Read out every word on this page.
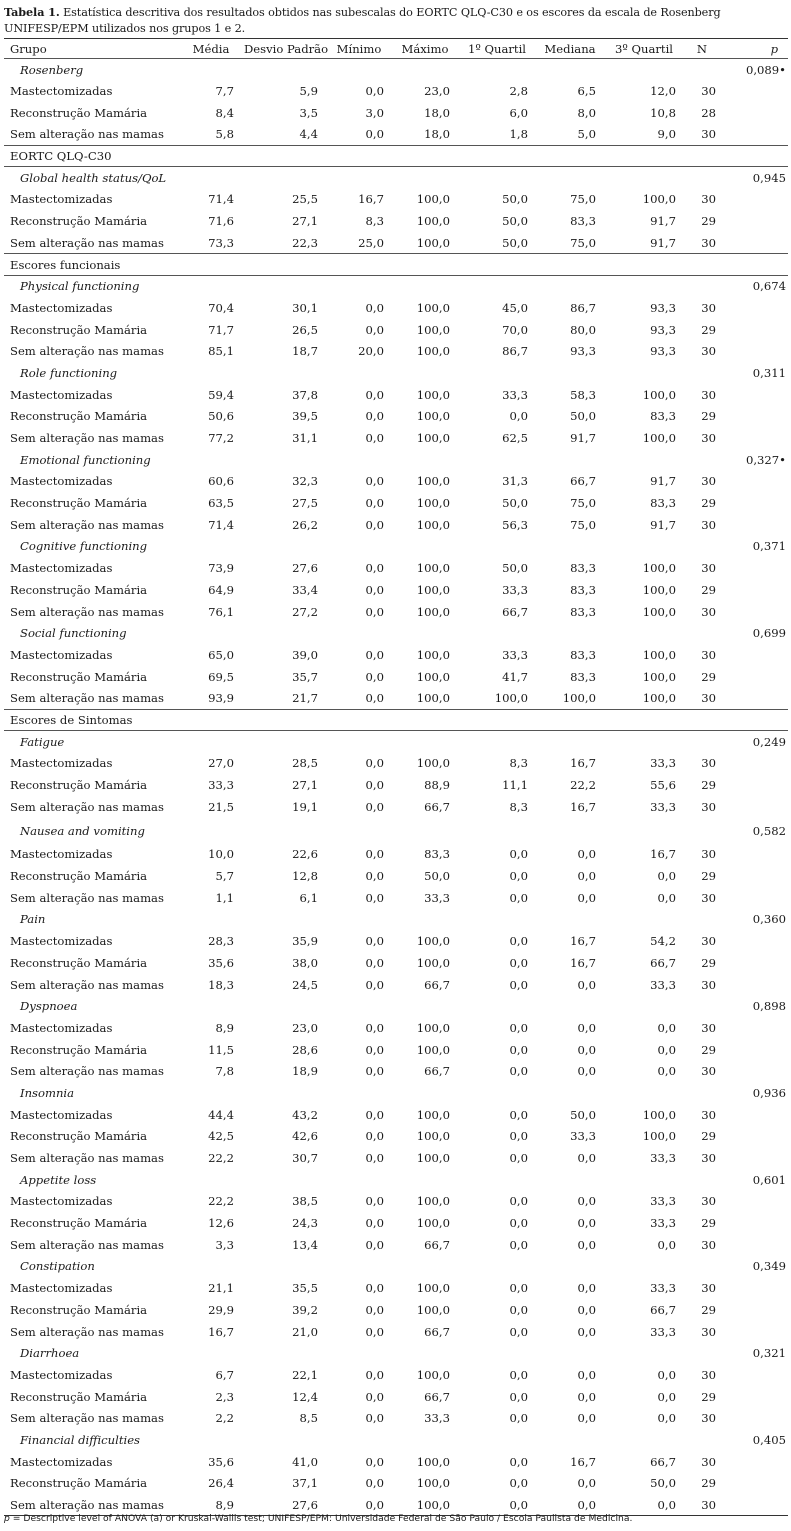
Tabela 1. Estatística descritiva dos resultados obtidos nas subescalas do EORTC QLQ-C30 e os escores da escala de Rosenberg UNIFESP/EPM utilizados nos grupos 1 e 2.
Grupo	Média	Desvio Padrão	Mínimo	Máximo	1º Quartil	Mediana	3º Quartil	N	p
Rosenberg									0,089•
Mastectomizadas	7,7	5,9	0,0	23,0	2,8	6,5	12,0	30	
Reconstrução Mamária	8,4	3,5	3,0	18,0	6,0	8,0	10,8	28	
Sem alteração nas mamas	5,8	4,4	0,0	18,0	1,8	5,0	9,0	30	
EORTC QLQ-C30									
Global health status/QoL									0,945
Mastectomizadas	71,4	25,5	16,7	100,0	50,0	75,0	100,0	30	
Reconstrução Mamária	71,6	27,1	8,3	100,0	50,0	83,3	91,7	29	
Sem alteração nas mamas	73,3	22,3	25,0	100,0	50,0	75,0	91,7	30	
Escores funcionais									
Physical functioning									0,674
Mastectomizadas	70,4	30,1	0,0	100,0	45,0	86,7	93,3	30	
Reconstrução Mamária	71,7	26,5	0,0	100,0	70,0	80,0	93,3	29	
Sem alteração nas mamas	85,1	18,7	20,0	100,0	86,7	93,3	93,3	30	
Role functioning									0,311
Mastectomizadas	59,4	37,8	0,0	100,0	33,3	58,3	100,0	30	
Reconstrução Mamária	50,6	39,5	0,0	100,0	0,0	50,0	83,3	29	
Sem alteração nas mamas	77,2	31,1	0,0	100,0	62,5	91,7	100,0	30	
Emotional functioning									0,327•
Mastectomizadas	60,6	32,3	0,0	100,0	31,3	66,7	91,7	30	
Reconstrução Mamária	63,5	27,5	0,0	100,0	50,0	75,0	83,3	29	
Sem alteração nas mamas	71,4	26,2	0,0	100,0	56,3	75,0	91,7	30	
Cognitive functioning									0,371
Mastectomizadas	73,9	27,6	0,0	100,0	50,0	83,3	100,0	30	
Reconstrução Mamária	64,9	33,4	0,0	100,0	33,3	83,3	100,0	29	
Sem alteração nas mamas	76,1	27,2	0,0	100,0	66,7	83,3	100,0	30	
Social functioning									0,699
Mastectomizadas	65,0	39,0	0,0	100,0	33,3	83,3	100,0	30	
Reconstrução Mamária	69,5	35,7	0,0	100,0	41,7	83,3	100,0	29	
Sem alteração nas mamas	93,9	21,7	0,0	100,0	100,0	100,0	100,0	30	
Escores de Sintomas									
Fatigue									0,249
Mastectomizadas	27,0	28,5	0,0	100,0	8,3	16,7	33,3	30	
Reconstrução Mamária	33,3	27,1	0,0	88,9	11,1	22,2	55,6	29	
Sem alteração nas mamas	21,5	19,1	0,0	66,7	8,3	16,7	33,3	30	
Nausea and vomiting									0,582
Mastectomizadas	10,0	22,6	0,0	83,3	0,0	0,0	16,7	30	
Reconstrução Mamária	5,7	12,8	0,0	50,0	0,0	0,0	0,0	29	
Sem alteração nas mamas	1,1	6,1	0,0	33,3	0,0	0,0	0,0	30	
Pain									0,360
Mastectomizadas	28,3	35,9	0,0	100,0	0,0	16,7	54,2	30	
Reconstrução Mamária	35,6	38,0	0,0	100,0	0,0	16,7	66,7	29	
Sem alteração nas mamas	18,3	24,5	0,0	66,7	0,0	0,0	33,3	30	
Dyspnoea									0,898
Mastectomizadas	8,9	23,0	0,0	100,0	0,0	0,0	0,0	30	
Reconstrução Mamária	11,5	28,6	0,0	100,0	0,0	0,0	0,0	29	
Sem alteração nas mamas	7,8	18,9	0,0	66,7	0,0	0,0	0,0	30	
Insomnia									0,936
Mastectomizadas	44,4	43,2	0,0	100,0	0,0	50,0	100,0	30	
Reconstrução Mamária	42,5	42,6	0,0	100,0	0,0	33,3	100,0	29	
Sem alteração nas mamas	22,2	30,7	0,0	100,0	0,0	0,0	33,3	30	
Appetite loss									0,601
Mastectomizadas	22,2	38,5	0,0	100,0	0,0	0,0	33,3	30	
Reconstrução Mamária	12,6	24,3	0,0	100,0	0,0	0,0	33,3	29	
Sem alteração nas mamas	3,3	13,4	0,0	66,7	0,0	0,0	0,0	30	
Constipation									0,349
Mastectomizadas	21,1	35,5	0,0	100,0	0,0	0,0	33,3	30	
Reconstrução Mamária	29,9	39,2	0,0	100,0	0,0	0,0	66,7	29	
Sem alteração nas mamas	16,7	21,0	0,0	66,7	0,0	0,0	33,3	30	
Diarrhoea									0,321
Mastectomizadas	6,7	22,1	0,0	100,0	0,0	0,0	0,0	30	
Reconstrução Mamária	2,3	12,4	0,0	66,7	0,0	0,0	0,0	29	
Sem alteração nas mamas	2,2	8,5	0,0	33,3	0,0	0,0	0,0	30	
Financial difficulties									0,405
Mastectomizadas	35,6	41,0	0,0	100,0	0,0	16,7	66,7	30	
Reconstrução Mamária	26,4	37,1	0,0	100,0	0,0	0,0	50,0	29	
Sem alteração nas mamas	8,9	27,6	0,0	100,0	0,0	0,0	0,0	30	
p = Descriptive level of ANOVA (a) or Kruskal-Wallis test; UNIFESP/EPM: Universidade Federal de São Paulo / Escola Paulista de Medicina.
